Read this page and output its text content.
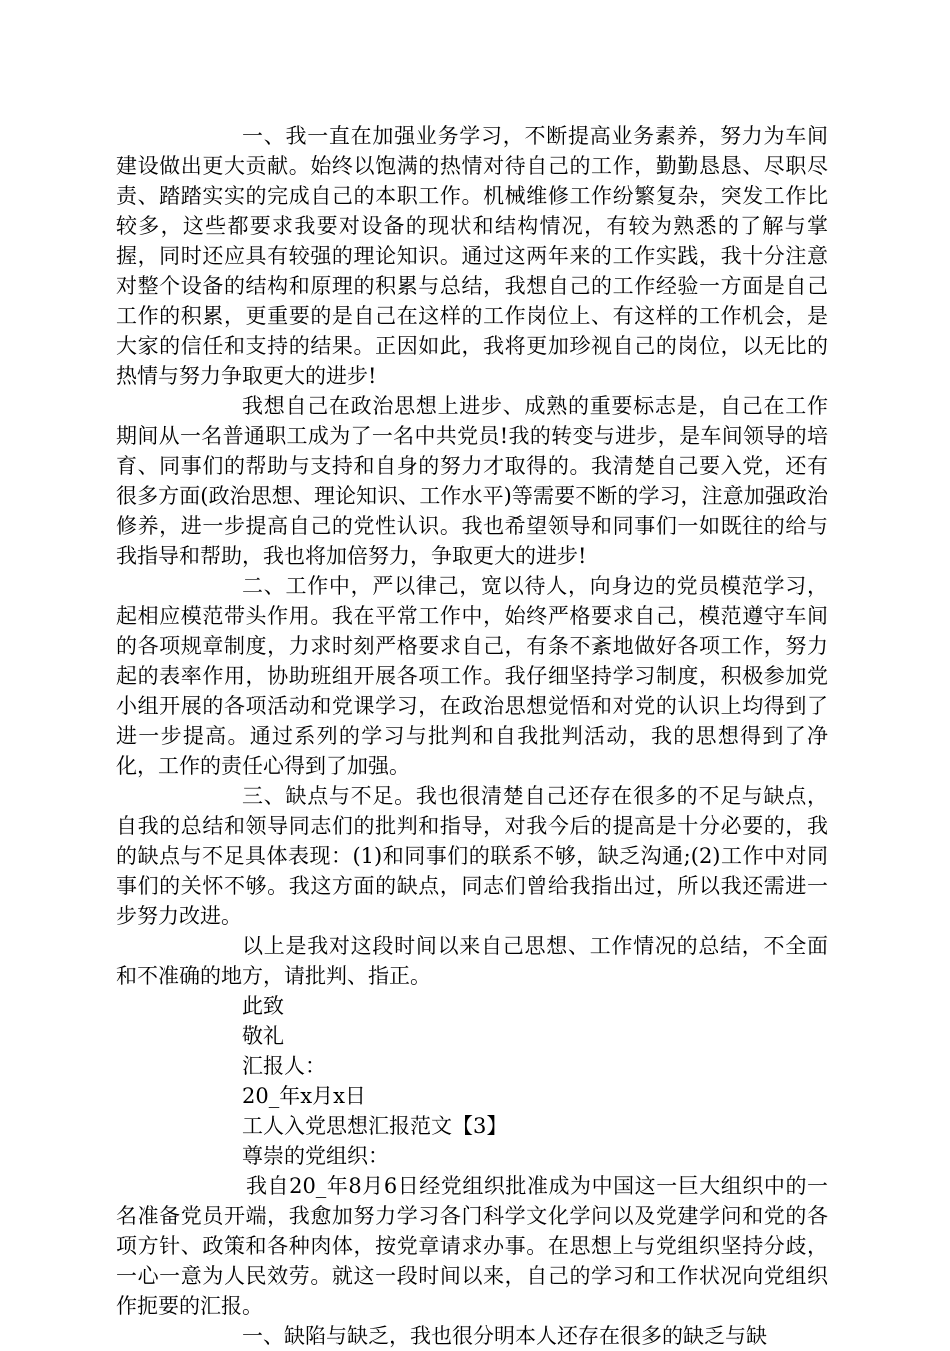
一、我一直在加强业务学习，不断提高业务素养，努力为车间建设做出更大贡献。始终以饱满的热情对待自己的工作，勤勤恳恳、尽职尽责、踏踏实实的完成自己的本职工作。机械维修工作纷繁复杂，突发工作比较多，这些都要求我要对设备的现状和结构情况，有较为熟悉的了解与掌握，同时还应具有较强的理论知识。通过这两年来的工作实践，我十分注意对整个设备的结构和原理的积累与总结，我想自己的工作经验一方面是自己工作的积累，更重要的是自己在这样的工作岗位上、有这样的工作机会，是大家的信任和支持的结果。正因如此，我将更加珍视自己的岗位，以无比的热情与努力争取更大的进步!

我想自己在政治思想上进步、成熟的重要标志是，自己在工作期间从一名普通职工成为了一名中共党员!我的转变与进步，是车间领导的培育、同事们的帮助与支持和自身的努力才取得的。我清楚自己要入党，还有很多方面(政治思想、理论知识、工作水平)等需要不断的学习，注意加强政治修养，进一步提高自己的党性认识。我也希望领导和同事们一如既往的给与我指导和帮助，我也将加倍努力，争取更大的进步!

二、工作中，严以律己，宽以待人，向身边的党员模范学习，起相应模范带头作用。我在平常工作中，始终严格要求自己，模范遵守车间的各项规章制度，力求时刻严格要求自己，有条不紊地做好各项工作，努力起的表率作用，协助班组开展各项工作。我仔细坚持学习制度，积极参加党小组开展的各项活动和党课学习，在政治思想觉悟和对党的认识上均得到了进一步提高。通过系列的学习与批判和自我批判活动，我的思想得到了净化，工作的责任心得到了加强。

三、缺点与不足。我也很清楚自己还存在很多的不足与缺点，自我的总结和领导同志们的批判和指导，对我今后的提高是十分必要的，我的缺点与不足具体表现：(1)和同事们的联系不够，缺乏沟通;(2)工作中对同事们的关怀不够。我这方面的缺点，同志们曾给我指出过，所以我还需进一步努力改进。

以上是我对这段时间以来自己思想、工作情况的总结，不全面和不准确的地方，请批判、指正。

此致

敬礼

汇报人：

20_年x月x日

工人入党思想汇报范文【3】

尊崇的党组织：

我自20_年8月6日经党组织批准成为中国这一巨大组织中的一名准备党员开端，我愈加努力学习各门科学文化学问以及党建学问和党的各项方针、政策和各种肉体，按党章请求办事。在思想上与党组织坚持分歧，一心一意为人民效劳。就这一段时间以来，自己的学习和工作状况向党组织作扼要的汇报。

一、缺陷与缺乏，我也很分明本人还存在很多的缺乏与缺
